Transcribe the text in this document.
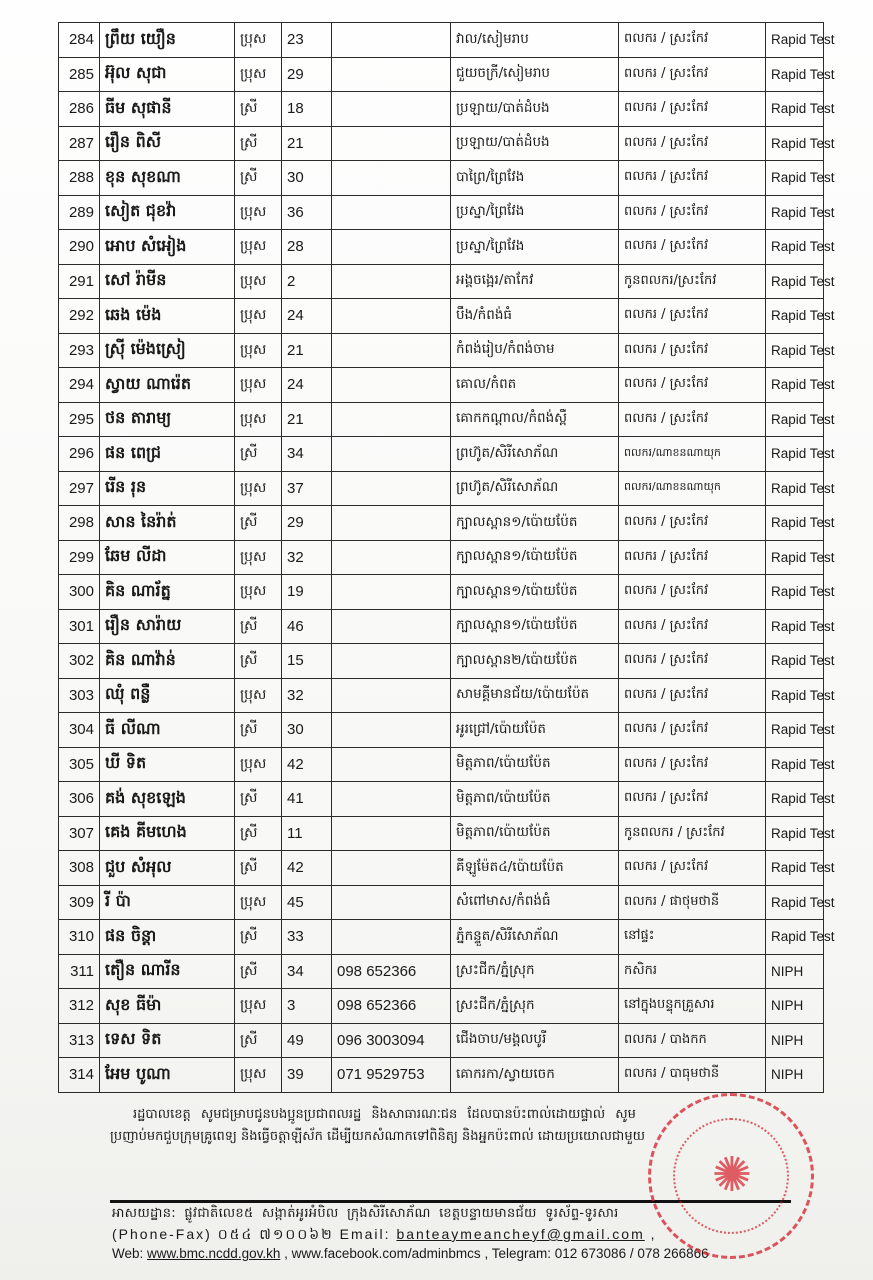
284	ព្រឹយ យឿន	ប្រុស	23		វាល/សៀមរាប	ពលករ / ស្រះកែវ	Rapid Test
285	អ៊ុល សុជា	ប្រុស	29		ជួយចក្រី/សៀមរាប	ពលករ / ស្រះកែវ	Rapid Test
286	ធីម សុផានី	ស្រី	18		ប្រឡាយ/បាត់ដំបង	ពលករ / ស្រះកែវ	Rapid Test
287	រឿន ពិសី	ស្រី	21		ប្រឡាយ/បាត់ដំបង	ពលករ / ស្រះកែវ	Rapid Test
288	ខុន សុខណា	ស្រី	30		បាព្រៃ/ព្រៃវែង	ពលករ / ស្រះកែវ	Rapid Test
289	សៀត ជុខវ៉ា	ប្រុស	36		ប្រស្នា/ព្រៃវែង	ពលករ / ស្រះកែវ	Rapid Test
290	អោប សំអៀង	ប្រុស	28		ប្រស្នា/ព្រៃវែង	ពលករ / ស្រះកែវ	Rapid Test
291	សៅ រ៉ាមីន	ប្រុស	2		អង្គចង្អេរ/តាកែវ	កូនពលករ/ស្រះកែវ	Rapid Test
292	ឆេង ម៉េង	ប្រុស	24		បឹង/កំពង់ធំ	ពលករ / ស្រះកែវ	Rapid Test
293	ស្រ៊ី ម៉េងស្រៀ	ប្រុស	21		កំពង់រៀប/កំពង់ចាម	ពលករ / ស្រះកែវ	Rapid Test
294	ស្វាយ ណារ៉េត	ប្រុស	24		គោល/កំពត	ពលករ / ស្រះកែវ	Rapid Test
295	ថន តារាម្យ	ប្រុស	21		គោកកណ្ដាល/កំពង់ស្ពឺ	ពលករ / ស្រះកែវ	Rapid Test
296	ផន ពេជ្រ	ស្រី	34		ព្រហ៊ូត/សិរីសោភ័ណ	ពលករ/ណាខនណាយុក	Rapid Test
297	រើន រុន	ប្រុស	37		ព្រហ៊ូត/សិរីសោភ័ណ	ពលករ/ណាខនណាយុក	Rapid Test
298	សាន នៃរ៉ាត់	ស្រី	29		ក្បាលស្ពាន១/ប៉ោយប៉ែត	ពលករ / ស្រះកែវ	Rapid Test
299	ឆែម លីដា	ប្រុស	32		ក្បាលស្ពាន១/ប៉ោយប៉ែត	ពលករ / ស្រះកែវ	Rapid Test
300	គិន ណារ័ត្ន	ប្រុស	19		ក្បាលស្ពាន១/ប៉ោយប៉ែត	ពលករ / ស្រះកែវ	Rapid Test
301	រឿន សារ៉ាយ	ស្រី	46		ក្បាលស្ពាន១/ប៉ោយប៉ែត	ពលករ / ស្រះកែវ	Rapid Test
302	គិន ណាវ៉ាន់	ស្រី	15		ក្បាលស្ពាន២/ប៉ោយប៉ែត	ពលករ / ស្រះកែវ	Rapid Test
303	ឈុំ ពន្លឺ	ប្រុស	32		សាមគ្គីមានជ័យ/ប៉ោយប៉ែត	ពលករ / ស្រះកែវ	Rapid Test
304	ធី លីណា	ស្រី	30		អូរជ្រៅ/ប៉ោយប៉ែត	ពលករ / ស្រះកែវ	Rapid Test
305	ឃី ទិត	ប្រុស	42		មិត្តភាព/ប៉ោយប៉ែត	ពលករ / ស្រះកែវ	Rapid Test
306	គង់ សុខឡេង	ស្រី	41		មិត្តភាព/ប៉ោយប៉ែត	ពលករ / ស្រះកែវ	Rapid Test
307	គេង គីមហេង	ស្រី	11		មិត្តភាព/ប៉ោយប៉ែត	កូនពលករ / ស្រះកែវ	Rapid Test
308	ជួប សំអុល	ស្រី	42		គីឡូម៉ែត៤/ប៉ោយប៉ែត	ពលករ / ស្រះកែវ	Rapid Test
309	រី ប៉ា	ប្រុស	45		សំពៅមាស/កំពង់ធំ	ពលករ / ផាថុមថានី	Rapid Test
310	ផន ចិន្ដា	ស្រី	33		ភ្នំកន្ទួត/សិរីសោភ័ណ	នៅផ្ទះ	Rapid Test
311	តឿន ណារីន	ស្រី	34	098 652366	ស្រះជីក/ភ្នំស្រុក	កសិករ	NIPH
312	សុខ ធីម៉ា	ប្រុស	3	098 652366	ស្រះជីក/ភ្នំស្រុក	នៅក្នុងបន្ទុកគ្រួសារ	NIPH
313	ទេស ទិត	ស្រី	49	096 3003094	ជើងចាប/មង្គលបូរី	ពលករ / បាងកក	NIPH
314	អែម បូណា	ប្រុស	39	071 9529753	គោករកា/ស្វាយចេក	ពលករ / បាធុមថានី	NIPH
រដ្ឋបាលខេត្ត សូមជម្រាបជូនបងប្អូនប្រជាពលរដ្ឋ និងសាធារណៈជន ដែលបានប៉ះពាល់ដោយផ្ទាល់ សូម
ប្រញាប់មកជួបក្រុមគ្រូពេទ្យ និងធ្វើចត្តាឡីស័ក ដើម្បីយកសំណាកទៅពិនិត្យ និងអ្នកប៉ះពាល់ ដោយប្រយោលជាមួយ
អាសយដ្ឋាន: ផ្លូវជាតិលេខ៥ សង្កាត់អូរអំបិល ក្រុងសិរីសោភ័ណ ខេត្តបន្ទាយមានជ័យ ទូរស័ព្ទ-ទូរសារ
(Phone-Fax) ០៥៤ ៧១០០៦២ Email: banteaymeancheyf@gmail.com ,
Web: www.bmc.ncdd.gov.kh , www.facebook.com/adminbmcs , Telegram: 012 673086 / 078 266866
✺
